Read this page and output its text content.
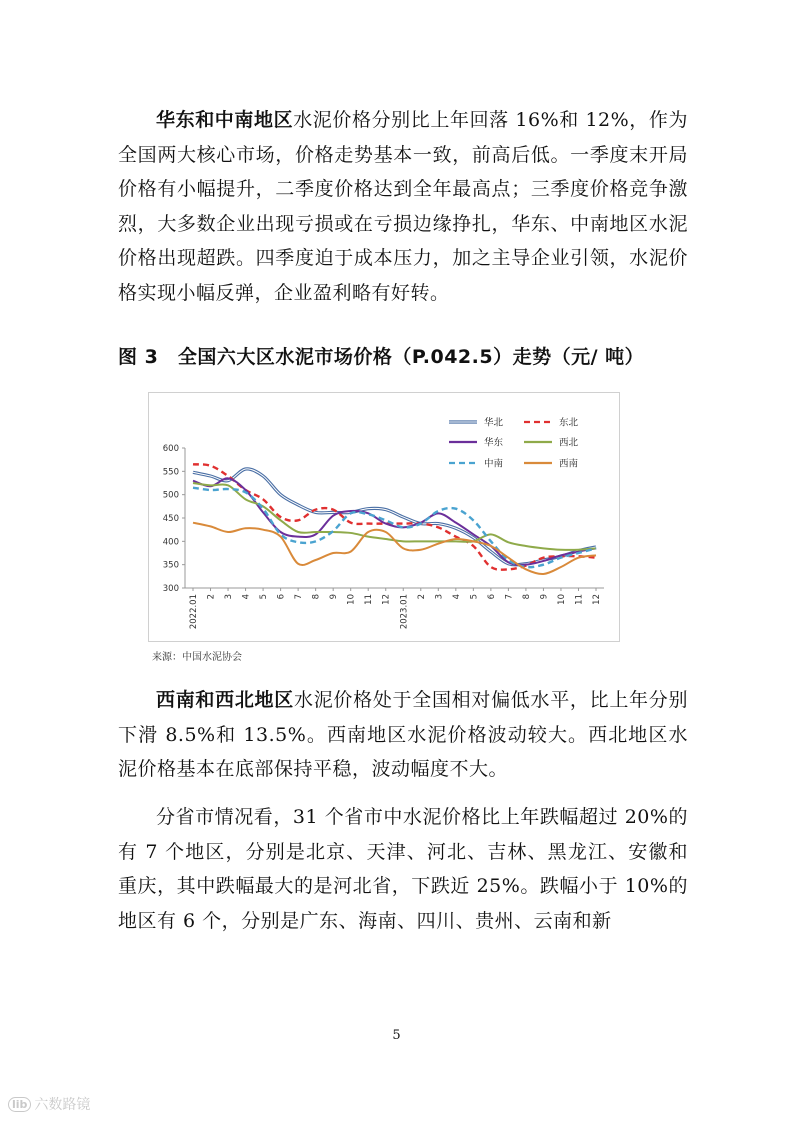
华东和中南地区水泥价格分别比上年回落 16%和 12%，作为全国两大核心市场，价格走势基本一致，前高后低。一季度末开局价格有小幅提升，二季度价格达到全年最高点；三季度价格竞争激烈，大多数企业出现亏损或在亏损边缘挣扎，华东、中南地区水泥价格出现超跌。四季度迫于成本压力，加之主导企业引领，水泥价格实现小幅反弹，企业盈利略有好转。

图 3　全国六大区水泥市场价格（P.042.5）走势（元/ 吨）

300
350
400
450
500
550
600
2022.01 2 3 4 5 6 7 8 9 10 11 12 2023.01 2 3 4 5 6 7 8 9 10 11 12
华北	东北
华东	西北
中南	西南

来源：中国水泥协会

西南和西北地区水泥价格处于全国相对偏低水平，比上年分别下滑 8.5%和 13.5%。西南地区水泥价格波动较大。西北地区水泥价格基本在底部保持平稳，波动幅度不大。

分省市情况看，31 个省市中水泥价格比上年跌幅超过 20%的有 7 个地区，分别是北京、天津、河北、吉林、黑龙江、安徽和重庆，其中跌幅最大的是河北省，下跌近 25%。跌幅小于 10%的地区有 6 个，分别是广东、海南、四川、贵州、云南和新

5

lib 六数路镜
